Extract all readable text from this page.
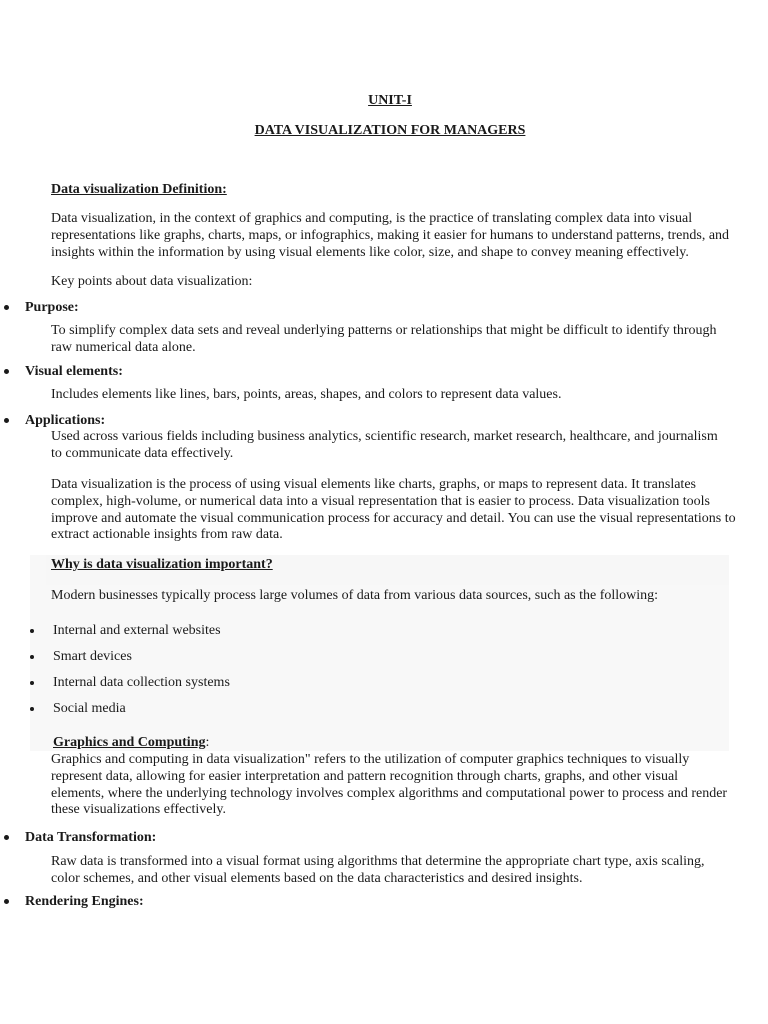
UNIT-I
DATA VISUALIZATION FOR MANAGERS
Data visualization Definition:
Data visualization, in the context of graphics and computing, is the practice of translating complex data into visual representations like graphs, charts, maps, or infographics, making it easier for humans to understand patterns, trends, and insights within the information by using visual elements like color, size, and shape to convey meaning effectively.
Key points about data visualization:
Purpose:
To simplify complex data sets and reveal underlying patterns or relationships that might be difficult to identify through raw numerical data alone.
Visual elements:
Includes elements like lines, bars, points, areas, shapes, and colors to represent data values.
Applications:
Used across various fields including business analytics, scientific research, market research, healthcare, and journalism to communicate data effectively.
Data visualization is the process of using visual elements like charts, graphs, or maps to represent data. It translates complex, high-volume, or numerical data into a visual representation that is easier to process. Data visualization tools improve and automate the visual communication process for accuracy and detail. You can use the visual representations to extract actionable insights from raw data.
Why is data visualization important?
Modern businesses typically process large volumes of data from various data sources, such as the following:
Internal and external websites
Smart devices
Internal data collection systems
Social media
Graphics and Computing:
Graphics and computing in data visualization" refers to the utilization of computer graphics techniques to visually represent data, allowing for easier interpretation and pattern recognition through charts, graphs, and other visual elements, where the underlying technology involves complex algorithms and computational power to process and render these visualizations effectively.
Data Transformation:
Raw data is transformed into a visual format using algorithms that determine the appropriate chart type, axis scaling, color schemes, and other visual elements based on the data characteristics and desired insights.
Rendering Engines:
